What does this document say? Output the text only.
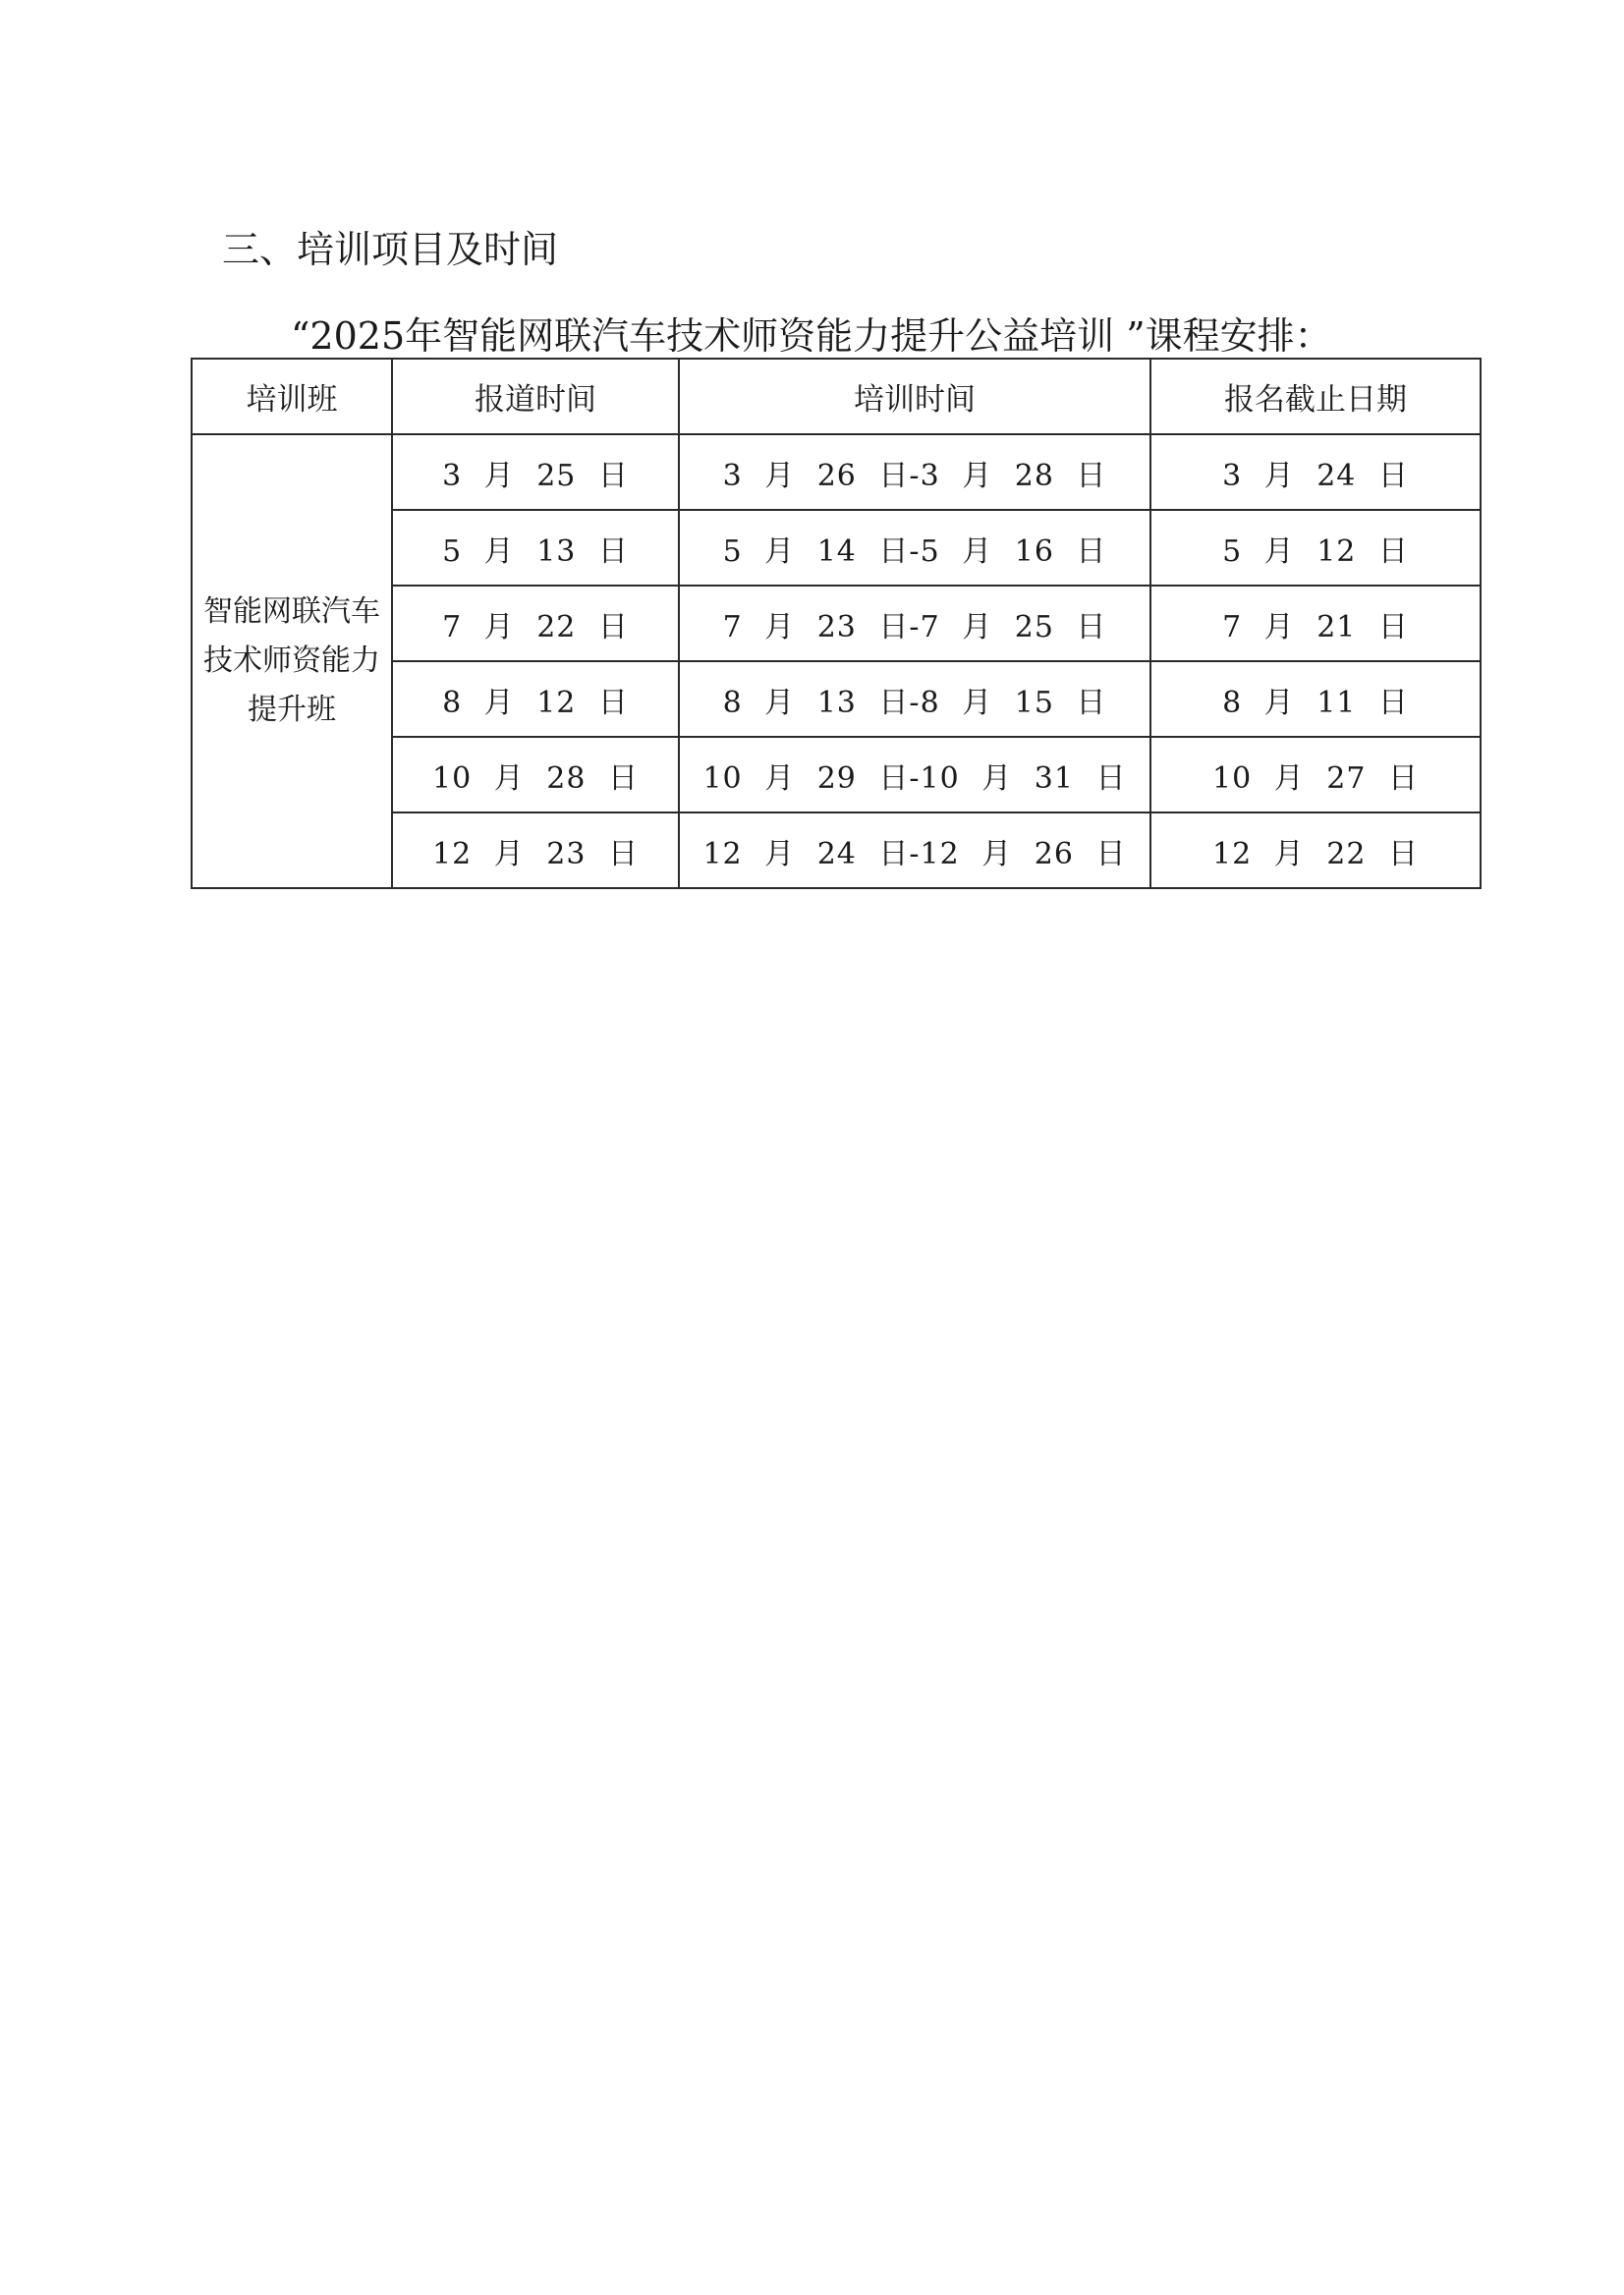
三、培训项目及时间
“2025年智能网联汽车技术师资能力提升公益培训 ”课程安排：
培训班	报道时间	培训时间	报名截止日期

智能网联汽车
技术师资能力
提升班	3 月 25 日	3 月 26 日-3 月 28 日	3 月 24 日
	5 月 13 日	5 月 14 日-5 月 16 日	5 月 12 日
	7 月 22 日	7 月 23 日-7 月 25 日	7 月 21 日
	8 月 12 日	8 月 13 日-8 月 15 日	8 月 11 日
	10 月 28 日	10 月 29 日-10 月 31 日	10 月 27 日
	12 月 23 日	12 月 24 日-12 月 26 日	12 月 22 日
